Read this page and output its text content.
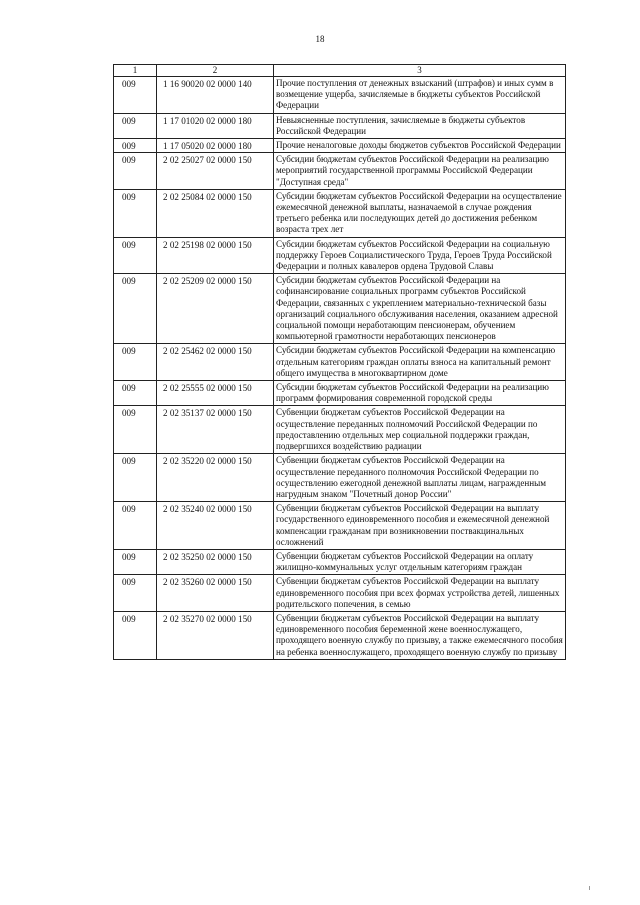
18
1	2	3
009	1 16 90020 02 0000 140	Прочие поступления от денежных взысканий (штрафов) и иных сумм в возмещение ущерба, зачисляемые в бюджеты субъектов Российской Федерации
009	1 17 01020 02 0000 180	Невыясненные поступления, зачисляемые в бюджеты субъектов Российской Федерации
009	1 17 05020 02 0000 180	Прочие неналоговые доходы бюджетов субъектов Российской Федерации
009	2 02 25027 02 0000 150	Субсидии бюджетам субъектов Российской Федерации на реализацию мероприятий государственной программы Российской Федерации "Доступная среда"
009	2 02 25084 02 0000 150	Субсидии бюджетам субъектов Российской Федерации на осуществление ежемесячной денежной выплаты, назначаемой в случае рождения третьего ребенка или последующих детей до достижения ребенком возраста трех лет
009	2 02 25198 02 0000 150	Субсидии бюджетам субъектов Российской Федерации на социальную поддержку Героев Социалистического Труда, Героев Труда Российской Федерации и полных кавалеров ордена Трудовой Славы
009	2 02 25209 02 0000 150	Субсидии бюджетам субъектов Российской Федерации на софинансирование социальных программ субъектов Российской Федерации, связанных с укреплением материально-технической базы организаций социального обслуживания населения, оказанием адресной социальной помощи неработающим пенсионерам, обучением компьютерной грамотности неработающих пенсионеров
009	2 02 25462 02 0000 150	Субсидии бюджетам субъектов Российской Федерации на компенсацию отдельным категориям граждан оплаты взноса на капитальный ремонт общего имущества в многоквартирном доме
009	2 02 25555 02 0000 150	Субсидии бюджетам субъектов Российской Федерации на реализацию программ формирования современной городской среды
009	2 02 35137 02 0000 150	Субвенции бюджетам субъектов Российской Федерации на осуществление переданных полномочий Российской Федерации по предоставлению отдельных мер социальной поддержки граждан, подвергшихся воздействию радиации
009	2 02 35220 02 0000 150	Субвенции бюджетам субъектов Российской Федерации на осуществление переданного полномочия Российской Федерации по осуществлению ежегодной денежной выплаты лицам, награжденным нагрудным знаком "Почетный донор России"
009	2 02 35240 02 0000 150	Субвенции бюджетам субъектов Российской Федерации на выплату государственного единовременного пособия и ежемесячной денежной компенсации гражданам при возникновении поствакцинальных осложнений
009	2 02 35250 02 0000 150	Субвенции бюджетам субъектов Российской Федерации на оплату жилищно-коммунальных услуг отдельным категориям граждан
009	2 02 35260 02 0000 150	Субвенции бюджетам субъектов Российской Федерации на выплату единовременного пособия при всех формах устройства детей, лишенных родительского попечения, в семью
009	2 02 35270 02 0000 150	Субвенции бюджетам субъектов Российской Федерации на выплату единовременного пособия беременной жене военнослужащего, проходящего военную службу по призыву, а также ежемесячного пособия на ребенка военнослужащего, проходящего военную службу по призыву
